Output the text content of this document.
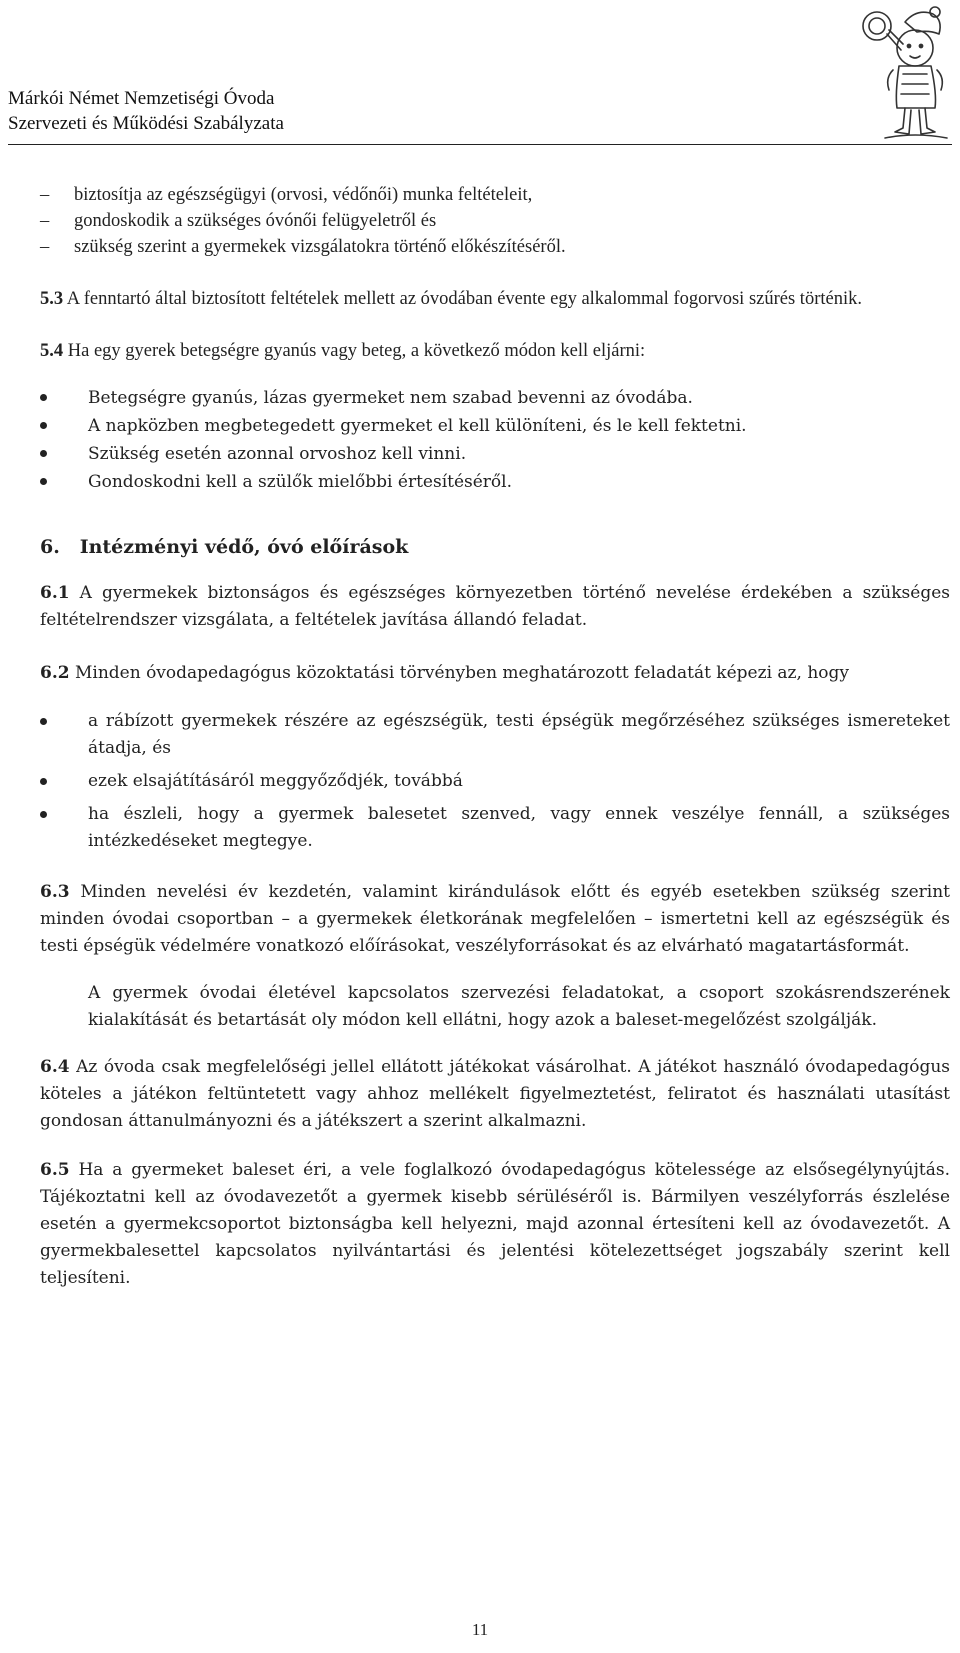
Márkói Német Nemzetiségi Óvoda
Szervezeti és Működési Szabályzata
– biztosítja az egészségügyi (orvosi, védőnői) munka feltételeit,
– gondoskodik a szükséges óvónői felügyeletről és
– szükség szerint a gyermekek vizsgálatokra történő előkészítéséről.

5.3 A fenntartó által biztosított feltételek mellett az óvodában évente egy alkalommal fogorvosi szűrés történik.

5.4 Ha egy gyerek betegségre gyanús vagy beteg, a következő módon kell eljárni:

Betegségre gyanús, lázas gyermeket nem szabad bevenni az óvodába.
A napközben megbetegedett gyermeket el kell különíteni, és le kell fektetni.
Szükség esetén azonnal orvoshoz kell vinni.
Gondoskodni kell a szülők mielőbbi értesítéséről.

6. Intézményi védő, óvó előírások

6.1 A gyermekek biztonságos és egészséges környezetben történő nevelése érdekében a szükséges feltételrendszer vizsgálata, a feltételek javítása állandó feladat.

6.2 Minden óvodapedagógus közoktatási törvényben meghatározott feladatát képezi az, hogy

a rábízott gyermekek részére az egészségük, testi épségük megőrzéséhez szükséges ismereteket átadja, és
ezek elsajátításáról meggyőződjék, továbbá
ha észleli, hogy a gyermek balesetet szenved, vagy ennek veszélye fennáll, a szükséges intézkedéseket megtegye.

6.3 Minden nevelési év kezdetén, valamint kirándulások előtt és egyéb esetekben szükség szerint minden óvodai csoportban – a gyermekek életkorának megfelelően – ismertetni kell az egészségük és testi épségük védelmére vonatkozó előírásokat, veszélyforrásokat és az elvárható magatartásformát.

A gyermek óvodai életével kapcsolatos szervezési feladatokat, a csoport szokásrendszerének kialakítását és betartását oly módon kell ellátni, hogy azok a baleset-megelőzést szolgálják.

6.4 Az óvoda csak megfelelőségi jellel ellátott játékokat vásárolhat. A játékot használó óvodapedagógus köteles a játékon feltüntetett vagy ahhoz mellékelt figyelmeztetést, feliratot és használati utasítást gondosan áttanulmányozni és a játékszert a szerint alkalmazni.

6.5 Ha a gyermeket baleset éri, a vele foglalkozó óvodapedagógus kötelessége az elsősegélynyújtás. Tájékoztatni kell az óvodavezetőt a gyermek kisebb sérüléséről is. Bármilyen veszélyforrás észlelése esetén a gyermekcsoportot biztonságba kell helyezni, majd azonnal értesíteni kell az óvodavezetőt. A gyermekbalesettel kapcsolatos nyilvántartási és jelentési kötelezettséget jogszabály szerint kell teljesíteni.

11
